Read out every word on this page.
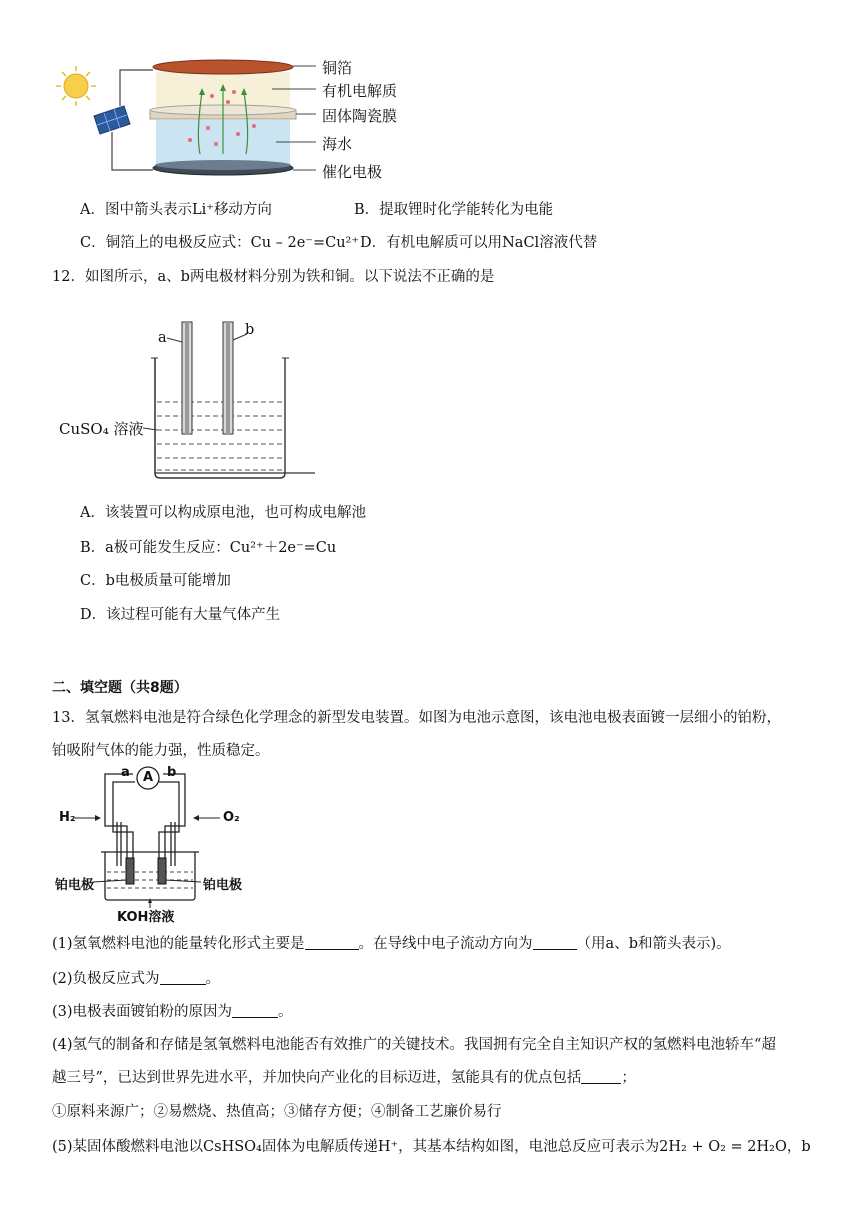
铜箔
有机电解质
固体陶瓷膜
海水
催化电极
A．图中箭头表示Li⁺移动方向	B．提取锂时化学能转化为电能
C．铜箔上的电极反应式：Cu – 2e⁻=Cu²⁺ D．有机电解质可以用NaCl溶液代替
12．如图所示，a、b两电极材料分别为铁和铜。以下说法不正确的是
a	b
CuSO₄ 溶液
A．该装置可以构成原电池，也可构成电解池
B．a极可能发生反应：Cu²⁺＋2e⁻=Cu
C．b电极质量可能增加
D．该过程可能有大量气体产生
二、填空题（共8题）
13．氢氧燃料电池是符合绿色化学理念的新型发电装置。如图为电池示意图，该电池电极表面镀一层细小的铂粉，
铂吸附气体的能力强，性质稳定。
a	b
A
H₂	O₂
铂电极	铂电极
KOH溶液
(1)氢氧燃料电池的能量转化形式主要是	。在导线中电子流动方向为	（用a、b和箭头表示)。
(2)负极反应式为	。
(3)电极表面镀铂粉的原因为	。
(4)氢气的制备和存储是氢氧燃料电池能否有效推广的关键技术。我国拥有完全自主知识产权的氢燃料电池轿车“超
越三号”，已达到世界先进水平，并加快向产业化的目标迈进，氢能具有的优点包括	；
①原料来源广；②易燃烧、热值高；③储存方便；④制备工艺廉价易行
(5)某固体酸燃料电池以CsHSO₄固体为电解质传递H⁺，其基本结构如图，电池总反应可表示为2H₂ + O₂ = 2H₂O，b
